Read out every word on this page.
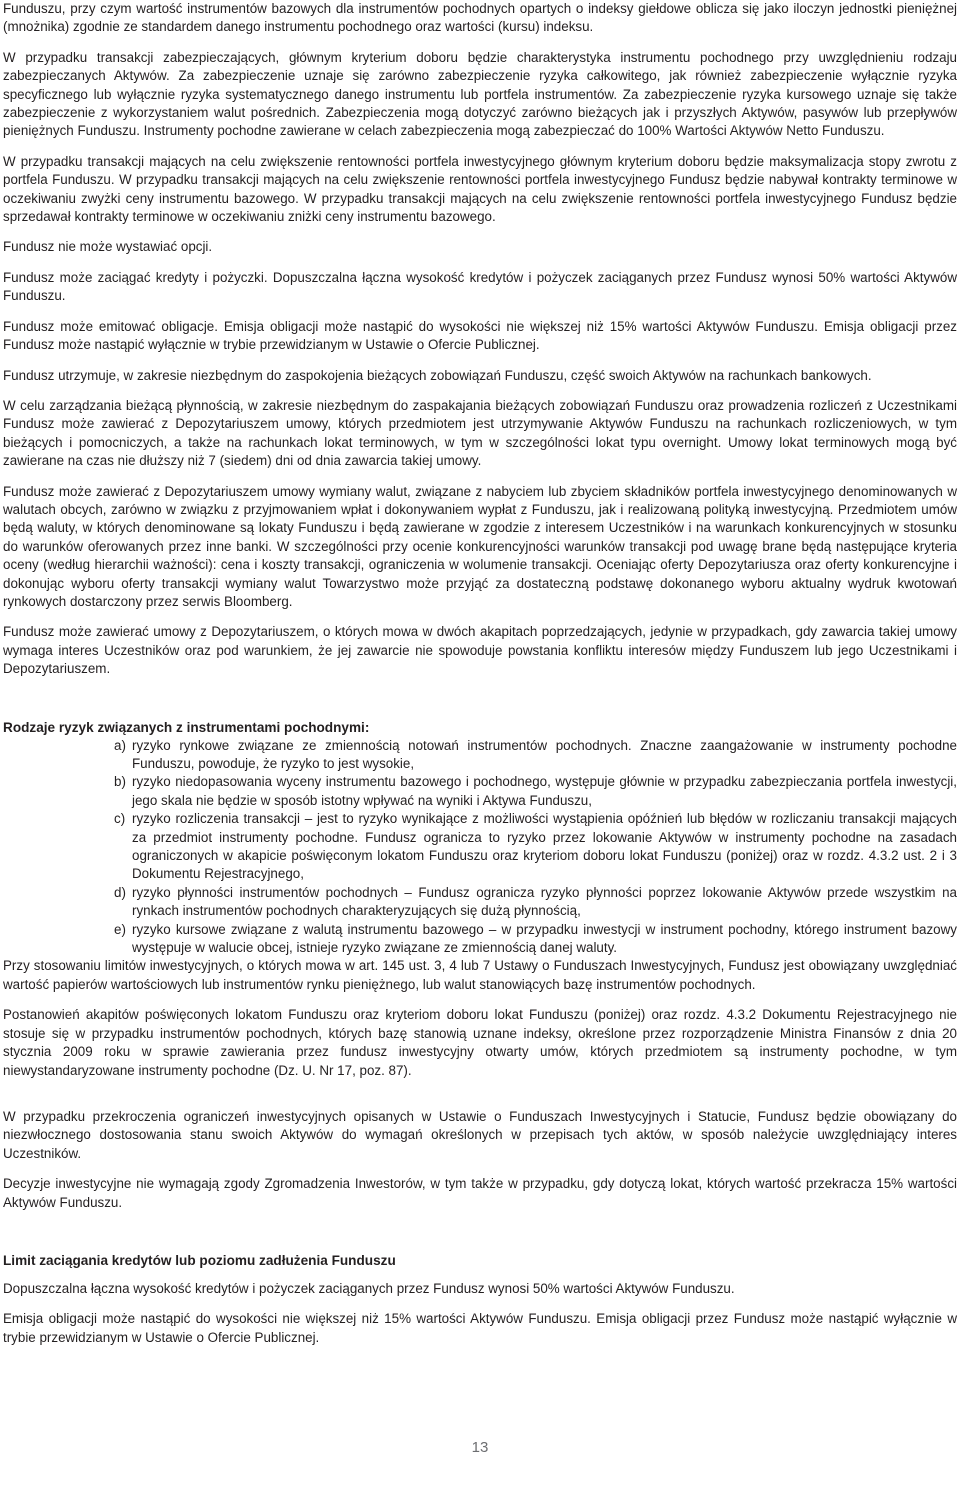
Funduszu, przy czym wartość instrumentów bazowych dla instrumentów pochodnych opartych o indeksy giełdowe oblicza się jako iloczyn jednostki pieniężnej (mnożnika) zgodnie ze standardem danego instrumentu pochodnego oraz wartości (kursu) indeksu.

W przypadku transakcji zabezpieczających, głównym kryterium doboru będzie charakterystyka instrumentu pochodnego przy uwzględnieniu rodzaju zabezpieczanych Aktywów. Za zabezpieczenie uznaje się zarówno zabezpieczenie ryzyka całkowitego, jak również zabezpieczenie wyłącznie ryzyka specyficznego lub wyłącznie ryzyka systematycznego danego instrumentu lub portfela instrumentów. Za zabezpieczenie ryzyka kursowego uznaje się także zabezpieczenie z wykorzystaniem walut pośrednich. Zabezpieczenia mogą dotyczyć zarówno bieżących jak i przyszłych Aktywów, pasywów lub przepływów pieniężnych Funduszu. Instrumenty pochodne zawierane w celach zabezpieczenia mogą zabezpieczać do 100% Wartości Aktywów Netto Funduszu.

W przypadku transakcji mających na celu zwiększenie rentowności portfela inwestycyjnego głównym kryterium doboru będzie maksymalizacja stopy zwrotu z portfela Funduszu. W przypadku transakcji mających na celu zwiększenie rentowności portfela inwestycyjnego Fundusz będzie nabywał kontrakty terminowe w oczekiwaniu zwyżki ceny instrumentu bazowego. W przypadku transakcji mających na celu zwiększenie rentowności portfela inwestycyjnego Fundusz będzie sprzedawał kontrakty terminowe w oczekiwaniu zniżki ceny instrumentu bazowego.

Fundusz nie może wystawiać opcji.

Fundusz może zaciągać kredyty i pożyczki. Dopuszczalna łączna wysokość kredytów i pożyczek zaciąganych przez Fundusz wynosi 50% wartości Aktywów Funduszu.

Fundusz może emitować obligacje. Emisja obligacji może nastąpić do wysokości nie większej niż 15% wartości Aktywów Funduszu. Emisja obligacji przez Fundusz może nastąpić wyłącznie w trybie przewidzianym w Ustawie o Ofercie Publicznej.

Fundusz utrzymuje, w zakresie niezbędnym do zaspokojenia bieżących zobowiązań Funduszu, część swoich Aktywów na rachunkach bankowych.

W celu zarządzania bieżącą płynnością, w zakresie niezbędnym do zaspakajania bieżących zobowiązań Funduszu oraz prowadzenia rozliczeń z Uczestnikami Fundusz może zawierać z Depozytariuszem umowy, których przedmiotem jest utrzymywanie Aktywów Funduszu na rachunkach rozliczeniowych, w tym bieżących i pomocniczych, a także na rachunkach lokat terminowych, w tym w szczególności lokat typu overnight. Umowy lokat terminowych mogą być zawierane na czas nie dłuższy niż 7 (siedem) dni od dnia zawarcia takiej umowy.

Fundusz może zawierać z Depozytariuszem umowy wymiany walut, związane z nabyciem lub zbyciem składników portfela inwestycyjnego denominowanych w walutach obcych, zarówno w związku z przyjmowaniem wpłat i dokonywaniem wypłat z Funduszu, jak i realizowaną polityką inwestycyjną. Przedmiotem umów będą waluty, w których denominowane są lokaty Funduszu i będą zawierane w zgodzie z interesem Uczestników i na warunkach konkurencyjnych w stosunku do warunków oferowanych przez inne banki. W szczególności przy ocenie konkurencyjności warunków transakcji pod uwagę brane będą następujące kryteria oceny (według hierarchii ważności): cena i koszty transakcji, ograniczenia w wolumenie transakcji. Oceniając oferty Depozytariusza oraz oferty konkurencyjne i dokonując wyboru oferty transakcji wymiany walut Towarzystwo może przyjąć za dostateczną podstawę dokonanego wyboru aktualny wydruk kwotowań rynkowych dostarczony przez serwis Bloomberg.

Fundusz może zawierać umowy z Depozytariuszem, o których mowa w dwóch akapitach poprzedzających, jedynie w przypadkach, gdy zawarcia takiej umowy wymaga interes Uczestników oraz pod warunkiem, że jej zawarcie nie spowoduje powstania konfliktu interesów między Funduszem lub jego Uczestnikami i Depozytariuszem.

Rodzaje ryzyk związanych z instrumentami pochodnymi:
a) ryzyko rynkowe związane ze zmiennością notowań instrumentów pochodnych. Znaczne zaangażowanie w instrumenty pochodne Funduszu, powoduje, że ryzyko to jest wysokie,
b) ryzyko niedopasowania wyceny instrumentu bazowego i pochodnego, występuje głównie w przypadku zabezpieczania portfela inwestycji, jego skala nie będzie w sposób istotny wpływać na wyniki i Aktywa Funduszu,
c) ryzyko rozliczenia transakcji – jest to ryzyko wynikające z możliwości wystąpienia opóźnień lub błędów w rozliczaniu transakcji mających za przedmiot instrumenty pochodne. Fundusz ogranicza to ryzyko przez lokowanie Aktywów w instrumenty pochodne na zasadach ograniczonych w akapicie poświęconym lokatom Funduszu oraz kryteriom doboru lokat Funduszu (poniżej) oraz w rozdz. 4.3.2 ust. 2 i 3 Dokumentu Rejestracyjnego,
d) ryzyko płynności instrumentów pochodnych – Fundusz ogranicza ryzyko płynności poprzez lokowanie Aktywów przede wszystkim na rynkach instrumentów pochodnych charakteryzujących się dużą płynnością,
e) ryzyko kursowe związane z walutą instrumentu bazowego – w przypadku inwestycji w instrument pochodny, którego instrument bazowy występuje w walucie obcej, istnieje ryzyko związane ze zmiennością danej waluty.

Przy stosowaniu limitów inwestycyjnych, o których mowa w art. 145 ust. 3, 4 lub 7 Ustawy o Funduszach Inwestycyjnych, Fundusz jest obowiązany uwzględniać wartość papierów wartościowych lub instrumentów rynku pieniężnego, lub walut stanowiących bazę instrumentów pochodnych.

Postanowień akapitów poświęconych lokatom Funduszu oraz kryteriom doboru lokat Funduszu (poniżej) oraz rozdz. 4.3.2 Dokumentu Rejestracyjnego nie stosuje się w przypadku instrumentów pochodnych, których bazę stanowią uznane indeksy, określone przez rozporządzenie Ministra Finansów z dnia 20 stycznia 2009 roku w sprawie zawierania przez fundusz inwestycyjny otwarty umów, których przedmiotem są instrumenty pochodne, w tym niewystandaryzowane instrumenty pochodne (Dz. U. Nr 17, poz. 87).

W przypadku przekroczenia ograniczeń inwestycyjnych opisanych w Ustawie o Funduszach Inwestycyjnych i Statucie, Fundusz będzie obowiązany do niezwłocznego dostosowania stanu swoich Aktywów do wymagań określonych w przepisach tych aktów, w sposób należycie uwzględniający interes Uczestników.

Decyzje inwestycyjne nie wymagają zgody Zgromadzenia Inwestorów, w tym także w przypadku, gdy dotyczą lokat, których wartość przekracza 15% wartości Aktywów Funduszu.

Limit zaciągania kredytów lub poziomu zadłużenia Funduszu

Dopuszczalna łączna wysokość kredytów i pożyczek zaciąganych przez Fundusz wynosi 50% wartości Aktywów Funduszu.

Emisja obligacji może nastąpić do wysokości nie większej niż 15% wartości Aktywów Funduszu. Emisja obligacji przez Fundusz może nastąpić wyłącznie w trybie przewidzianym w Ustawie o Ofercie Publicznej.

13
